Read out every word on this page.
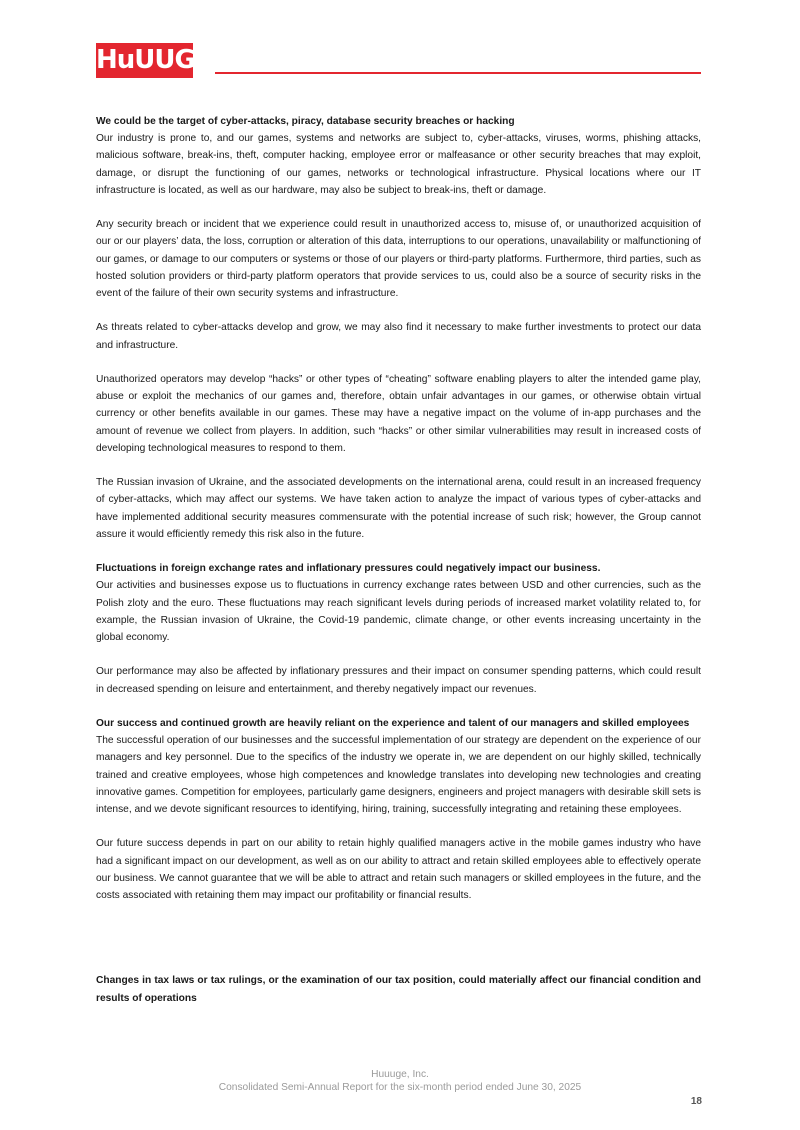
HuUUGE

We could be the target of cyber-attacks, piracy, database security breaches or hacking

Our industry is prone to, and our games, systems and networks are subject to, cyber-attacks, viruses, worms, phishing attacks, malicious software, break-ins, theft, computer hacking, employee error or malfeasance or other security breaches that may exploit, damage, or disrupt the functioning of our games, networks or technological infrastructure. Physical locations where our IT infrastructure is located, as well as our hardware, may also be subject to break-ins, theft or damage.

Any security breach or incident that we experience could result in unauthorized access to, misuse of, or unauthorized acquisition of our or our players’ data, the loss, corruption or alteration of this data, interruptions to our operations, unavailability or malfunctioning of our games, or damage to our computers or systems or those of our players or third-party platforms. Furthermore, third parties, such as hosted solution providers or third-party platform operators that provide services to us, could also be a source of security risks in the event of the failure of their own security systems and infrastructure.

As threats related to cyber-attacks develop and grow, we may also find it necessary to make further investments to protect our data and infrastructure.

Unauthorized operators may develop “hacks” or other types of “cheating” software enabling players to alter the intended game play, abuse or exploit the mechanics of our games and, therefore, obtain unfair advantages in our games, or otherwise obtain virtual currency or other benefits available in our games. These may have a negative impact on the volume of in-app purchases and the amount of revenue we collect from players. In addition, such “hacks” or other similar vulnerabilities may result in increased costs of developing technological measures to respond to them.

The Russian invasion of Ukraine, and the associated developments on the international arena, could result in an increased frequency of cyber-attacks, which may affect our systems. We have taken action to analyze the impact of various types of cyber-attacks and have implemented additional security measures commensurate with the potential increase of such risk; however, the Group cannot assure it would efficiently remedy this risk also in the future.

Fluctuations in foreign exchange rates and inflationary pressures could negatively impact our business.

Our activities and businesses expose us to fluctuations in currency exchange rates between USD and other currencies, such as the Polish zloty and the euro. These fluctuations may reach significant levels during periods of increased market volatility related to, for example, the Russian invasion of Ukraine, the Covid-19 pandemic, climate change, or other events increasing uncertainty in the global economy.

Our performance may also be affected by inflationary pressures and their impact on consumer spending patterns, which could result in decreased spending on leisure and entertainment, and thereby negatively impact our revenues.

Our success and continued growth are heavily reliant on the experience and talent of our managers and skilled employees

The successful operation of our businesses and the successful implementation of our strategy are dependent on the experience of our managers and key personnel. Due to the specifics of the industry we operate in, we are dependent on our highly skilled, technically trained and creative employees, whose high competences and knowledge translates into developing new technologies and creating innovative games. Competition for employees, particularly game designers, engineers and project managers with desirable skill sets is intense, and we devote significant resources to identifying, hiring, training, successfully integrating and retaining these employees.

Our future success depends in part on our ability to retain highly qualified managers active in the mobile games industry who have had a significant impact on our development, as well as on our ability to attract and retain skilled employees able to effectively operate our business. We cannot guarantee that we will be able to attract and retain such managers or skilled employees in the future, and the costs associated with retaining them may impact our profitability or financial results.

Changes in tax laws or tax rulings, or the examination of our tax position, could materially affect our financial condition and results of operations

Huuuge, Inc.
Consolidated Semi-Annual Report for the six-month period ended June 30, 2025
18
